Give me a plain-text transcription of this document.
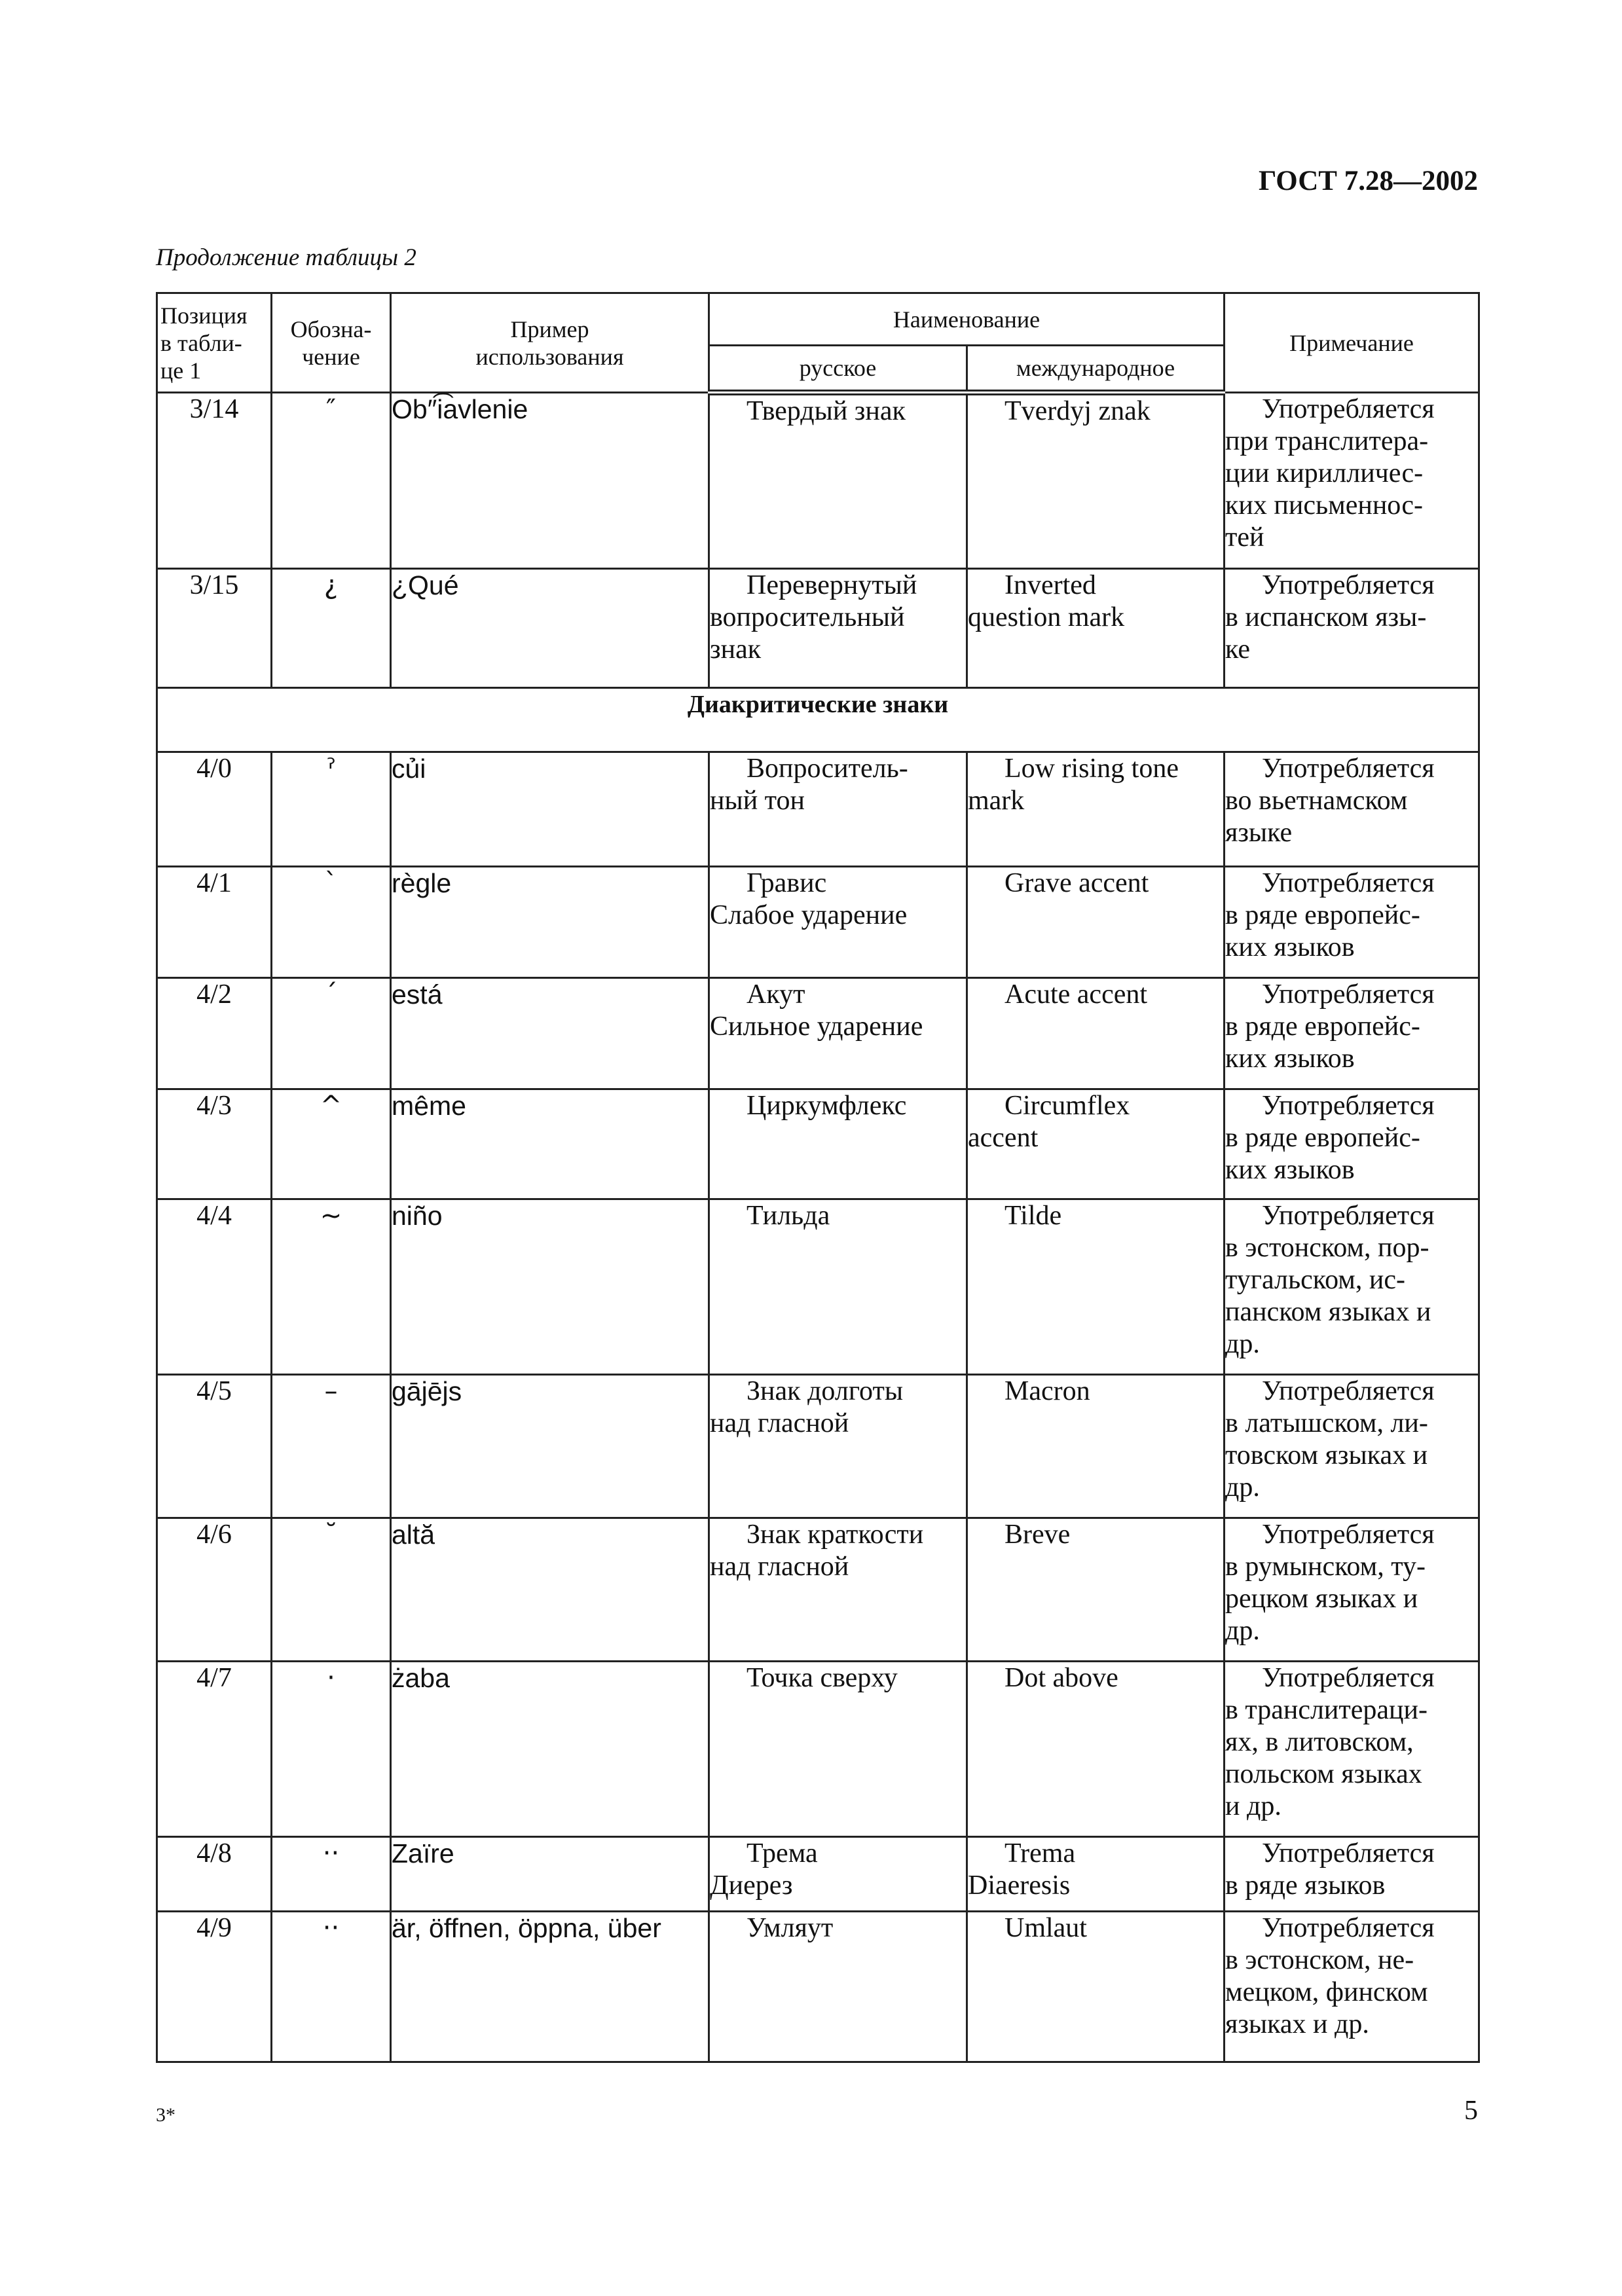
ГОСТ 7.28—2002
Продолжение таблицы 2
Позиция
в табли-
це 1	Обозна-
чение	Пример
использования	Наименование		Примечание
			русское	международное	
3/14	″	Ob″i͡avlenie	Твердый знак	Tverdyj znak	Употребляется
при транслитера-
ции кирилличес-
ких письменнос-
тей

3/15	¿	¿Qué	Перевернутый
вопросительный
знак	Inverted
question mark	Употребляется
в испанском язы-
ке

Диакритические знаки					
4/0	ˀ	củi	Вопроситель-
ный тон	Low rising tone
mark	Употребляется
во вьетнамском
языке

4/1	ˋ	règle	Гравис
Слабое ударение	Grave accent	Употребляется
в ряде европейс-
ких языков

4/2	ˊ	está	Акут
Сильное ударение	Acute accent	Употребляется
в ряде европейс-
ких языков

4/3	^	même	Циркумфлекс	Circumflex
accent	Употребляется
в ряде европейс-
ких языков

4/4	~	niño	Тильда	Tilde	Употребляется
в эстонском, пор-
тугальском, ис-
панском языках и
др.

4/5	–	gājējs	Знак долготы
над гласной	Macron	Употребляется
в латышском, ли-
товском языках и
др.

4/6	˘	altă	Знак краткости
над гласной	Breve	Употребляется
в румынском, ту-
рецком языках и
др.

4/7	·	żaba	Точка сверху	Dot above	Употребляется
в транслитераци-
ях, в литовском,
польском языках
и др.

4/8	··	Zaïre	Трема
Диерез	Trema
Diaeresis	Употребляется
в ряде языков

4/9	··	är, öffnen, öppna, über	Умляут	Umlaut	Употребляется
в эстонском, не-
мецком, финском
языках и др.
3*	5
